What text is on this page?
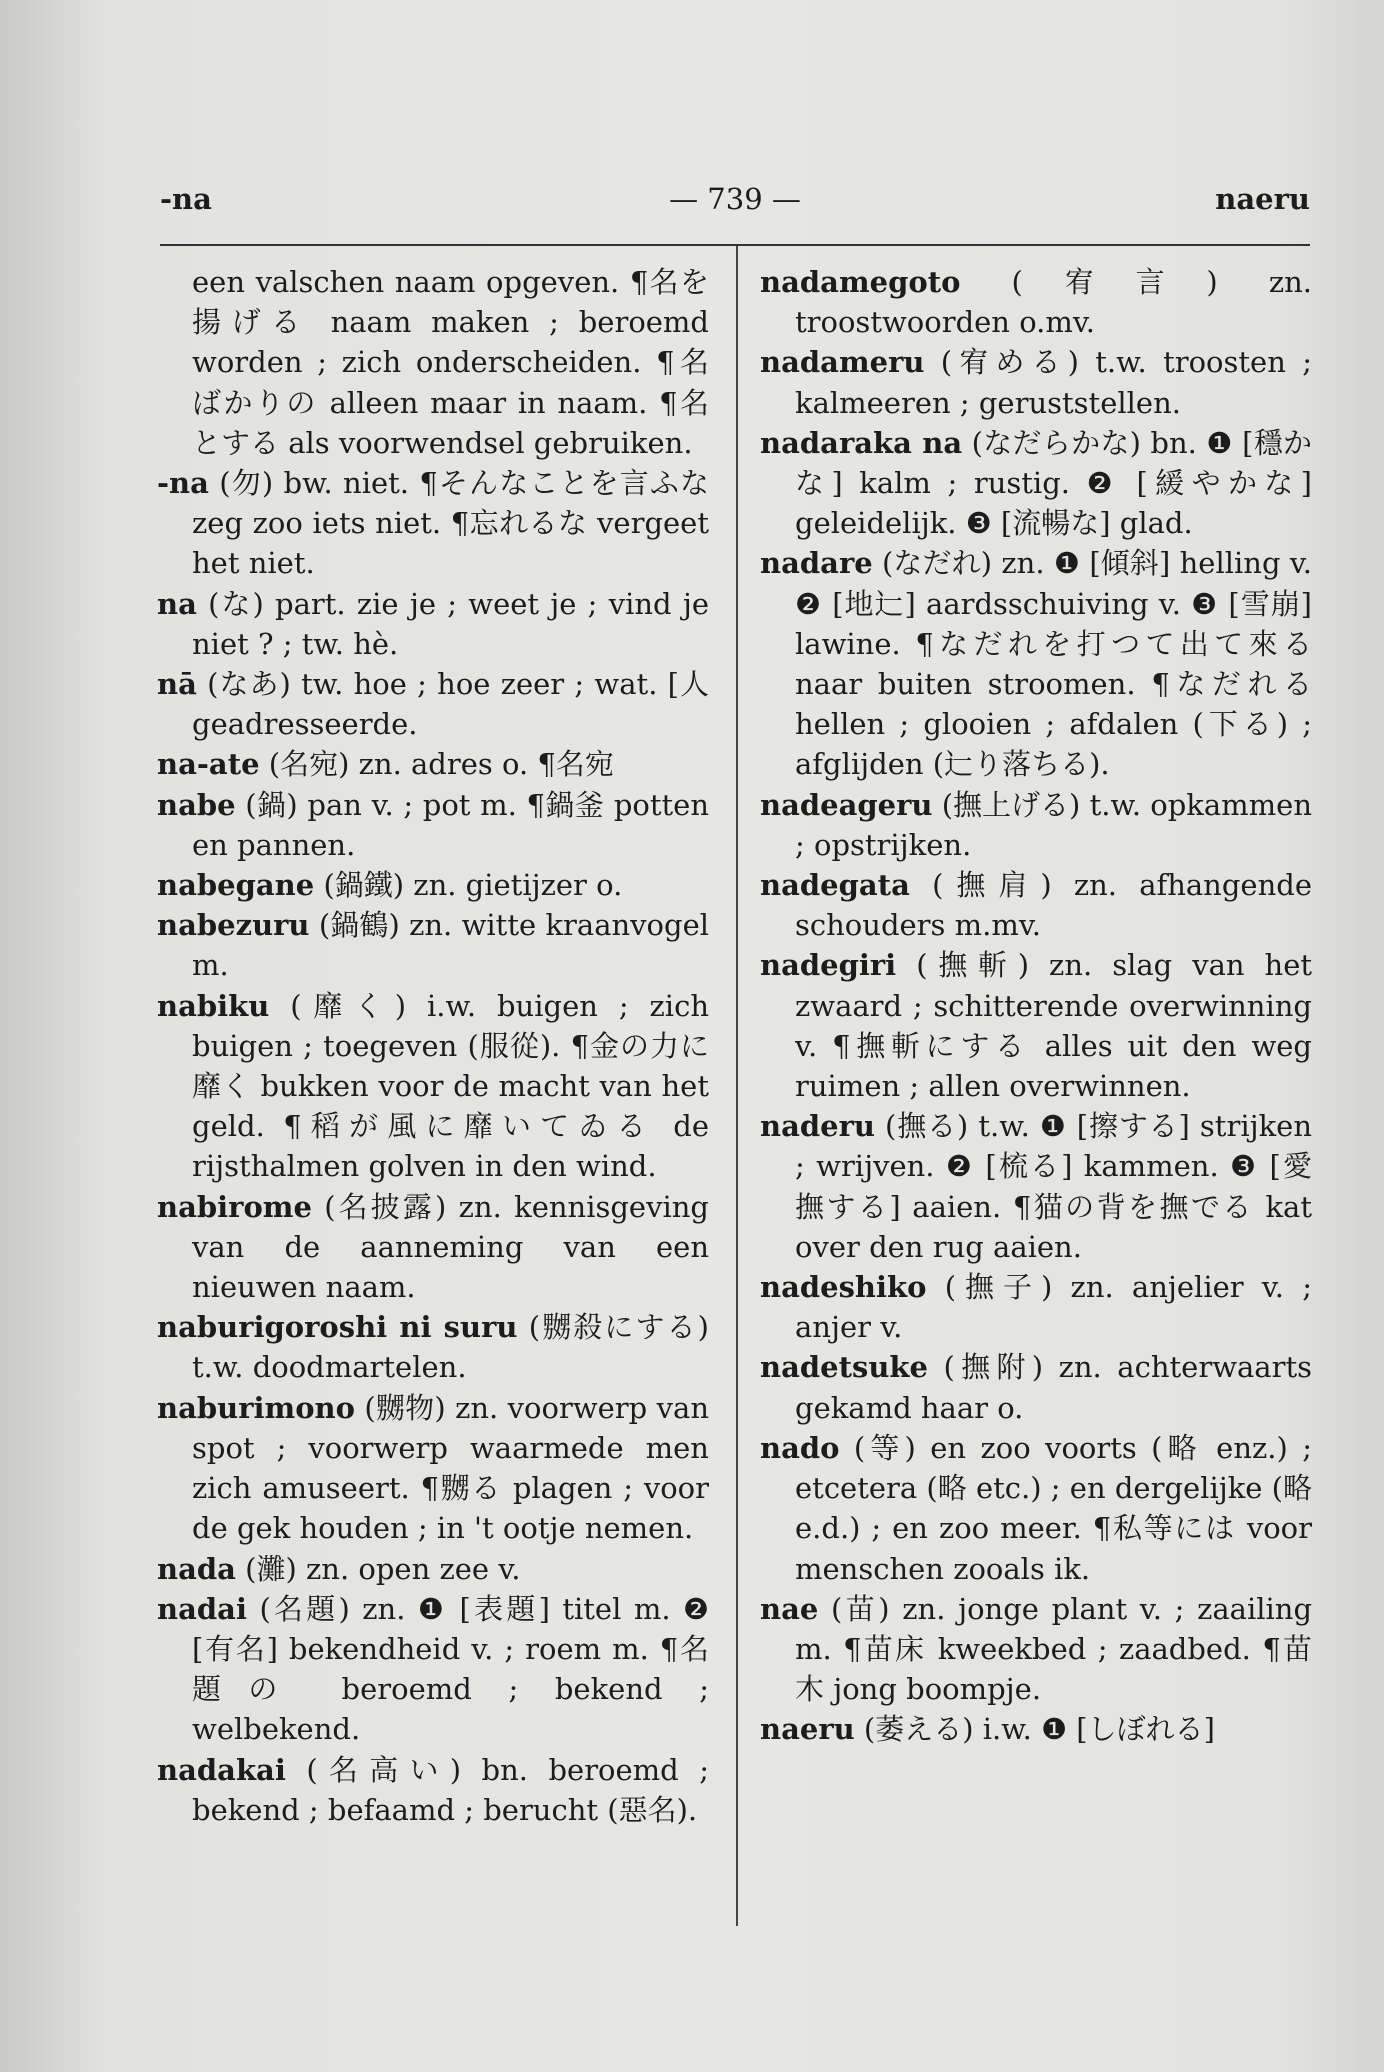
-na	— 739 —	naeru

een valschen naam opgeven. ¶名を揚げる naam maken ; beroemd worden ; zich onderscheiden. ¶名ばかりの alleen maar in naam. ¶名とする als voorwendsel gebruiken.

-na (勿) bw. niet. ¶そんなことを言ふな zeg zoo iets niet. ¶忘れるな vergeet het niet.

na (な) part. zie je ; weet je ; vind je niet ? ; tw. hè.

nā (なあ) tw. hoe ; hoe zeer ; wat. [人 geadresseerde.

na-ate (名宛) zn. adres o. ¶名宛

nabe (鍋) pan v. ; pot m. ¶鍋釜 potten en pannen.

nabegane (鍋鐵) zn. gietijzer o.

nabezuru (鍋鶴) zn. witte kraanvogel m.

nabiku (靡く) i.w. buigen ; zich buigen ; toegeven (服從). ¶金の力に靡く bukken voor de macht van het geld. ¶稻が風に靡いてゐる de rijsthalmen golven in den wind.

nabirome (名披露) zn. kennisgeving van de aanneming van een nieuwen naam.

naburigoroshi ni suru (嬲殺にする) t.w. doodmartelen.

naburimono (嬲物) zn. voorwerp van spot ; voorwerp waarmede men zich amuseert. ¶嬲る plagen ; voor de gek houden ; in 't ootje nemen.

nada (灘) zn. open zee v.

nadai (名題) zn. ❶ [表題] titel m. ❷ [有名] bekendheid v. ; roem m. ¶名題の beroemd ; bekend ; welbekend.

nadakai (名高い) bn. beroemd ; bekend ; befaamd ; berucht (惡名).

nadamegoto (宥言) zn. troostwoorden o.mv.

nadameru (宥める) t.w. troosten ; kalmeeren ; geruststellen.

nadaraka na (なだらかな) bn. ❶ [穩かな] kalm ; rustig. ❷ [緩やかな] geleidelijk. ❸ [流暢な] glad.

nadare (なだれ) zn. ❶ [傾斜] helling v. ❷ [地辷] aardsschuiving v. ❸ [雪崩] lawine. ¶なだれを打つて出て來る naar buiten stroomen. ¶なだれる hellen ; glooien ; afdalen (下る) ; afglijden (辷り落ちる).

nadeageru (撫上げる) t.w. opkammen ; opstrijken.

nadegata (撫肩) zn. afhangende schouders m.mv.

nadegiri (撫斬) zn. slag van het zwaard ; schitterende overwinning v. ¶撫斬にする alles uit den weg ruimen ; allen overwinnen.

naderu (撫る) t.w. ❶ [擦する] strijken ; wrijven. ❷ [梳る] kammen. ❸ [愛撫する] aaien. ¶猫の背を撫でる kat over den rug aaien.

nadeshiko (撫子) zn. anjelier v. ; anjer v.

nadetsuke (撫附) zn. achterwaarts gekamd haar o.

nado (等) en zoo voorts (略 enz.) ; etcetera (略 etc.) ; en dergelijke (略 e.d.) ; en zoo meer. ¶私等には voor menschen zooals ik.

nae (苗) zn. jonge plant v. ; zaailing m. ¶苗床 kweekbed ; zaadbed. ¶苗木 jong boompje.

naeru (萎える) i.w. ❶ [しぼれる]
